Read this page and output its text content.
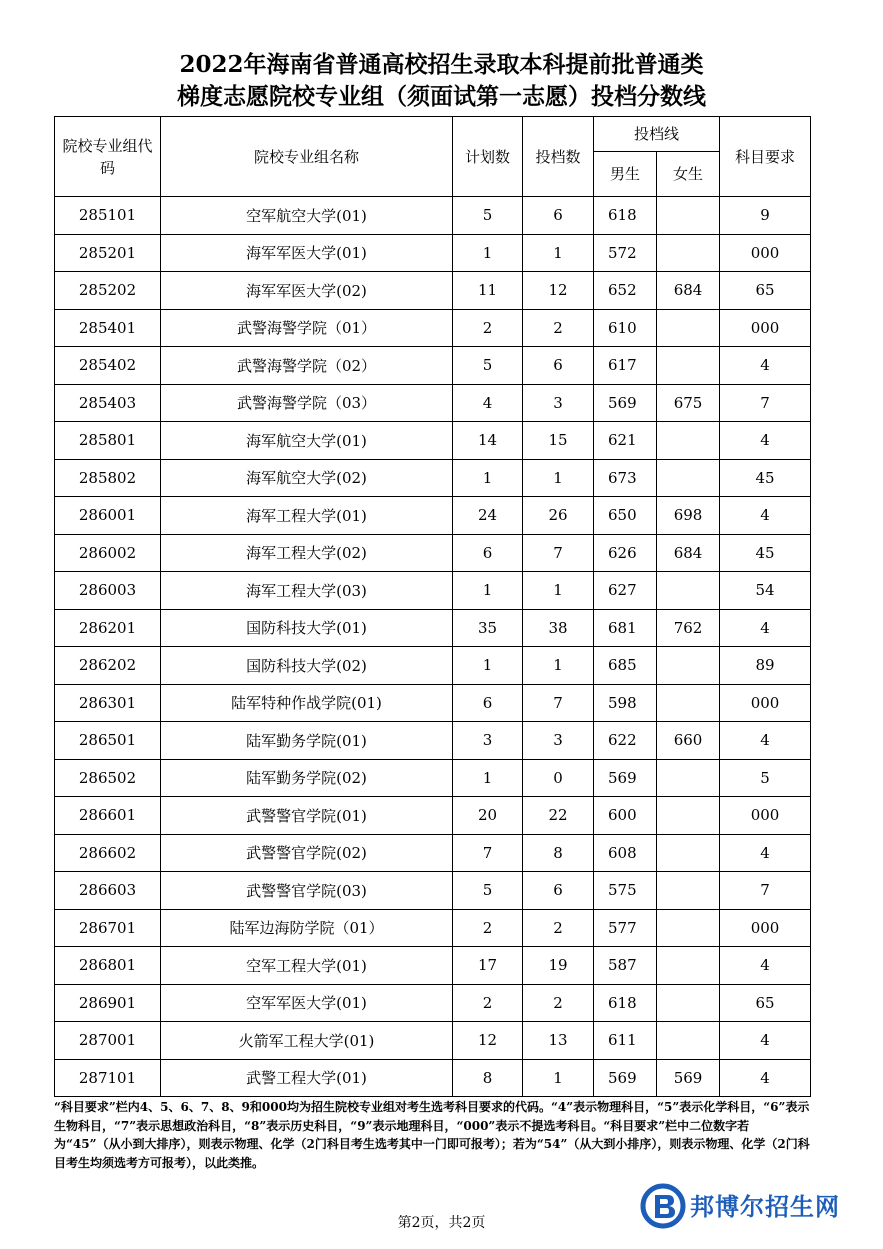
2022年海南省普通高校招生录取本科提前批普通类
梯度志愿院校专业组（须面试第一志愿）投档分数线
院校专业组代码	院校专业组名称	计划数	投档数	投档线		科目要求
				男生	女生	
285101	空军航空大学(01)	5	6	618		9
285201	海军军医大学(01)	1	1	572		000
285202	海军军医大学(02)	11	12	652	684	65
285401	武警海警学院（01）	2	2	610		000
285402	武警海警学院（02）	5	6	617		4
285403	武警海警学院（03）	4	3	569	675	7
285801	海军航空大学(01)	14	15	621		4
285802	海军航空大学(02)	1	1	673		45
286001	海军工程大学(01)	24	26	650	698	4
286002	海军工程大学(02)	6	7	626	684	45
286003	海军工程大学(03)	1	1	627		54
286201	国防科技大学(01)	35	38	681	762	4
286202	国防科技大学(02)	1	1	685		89
286301	陆军特种作战学院(01)	6	7	598		000
286501	陆军勤务学院(01)	3	3	622	660	4
286502	陆军勤务学院(02)	1	0	569		5
286601	武警警官学院(01)	20	22	600		000
286602	武警警官学院(02)	7	8	608		4
286603	武警警官学院(03)	5	6	575		7
286701	陆军边海防学院（01）	2	2	577		000
286801	空军工程大学(01)	17	19	587		4
286901	空军军医大学(01)	2	2	618		65
287001	火箭军工程大学(01)	12	13	611		4
287101	武警工程大学(01)	8	1	569	569	4
“科目要求”栏内4、5、6、7、8、9和000均为招生院校专业组对考生选考科目要求的代码。“4”表示物理科目，“5”表示化学科目，“6”表示生物科目，“7”表示思想政治科目，“8”表示历史科目，“9”表示地理科目，“000”表示不提选考科目。“科目要求”栏中二位数字若为“45”（从小到大排序），则表示物理、化学（2门科目考生选考其中一门即可报考）；若为“54”（从大到小排序），则表示物理、化学（2门科目考生均须选考方可报考），以此类推。
邦博尔招生网
第2页，共2页
